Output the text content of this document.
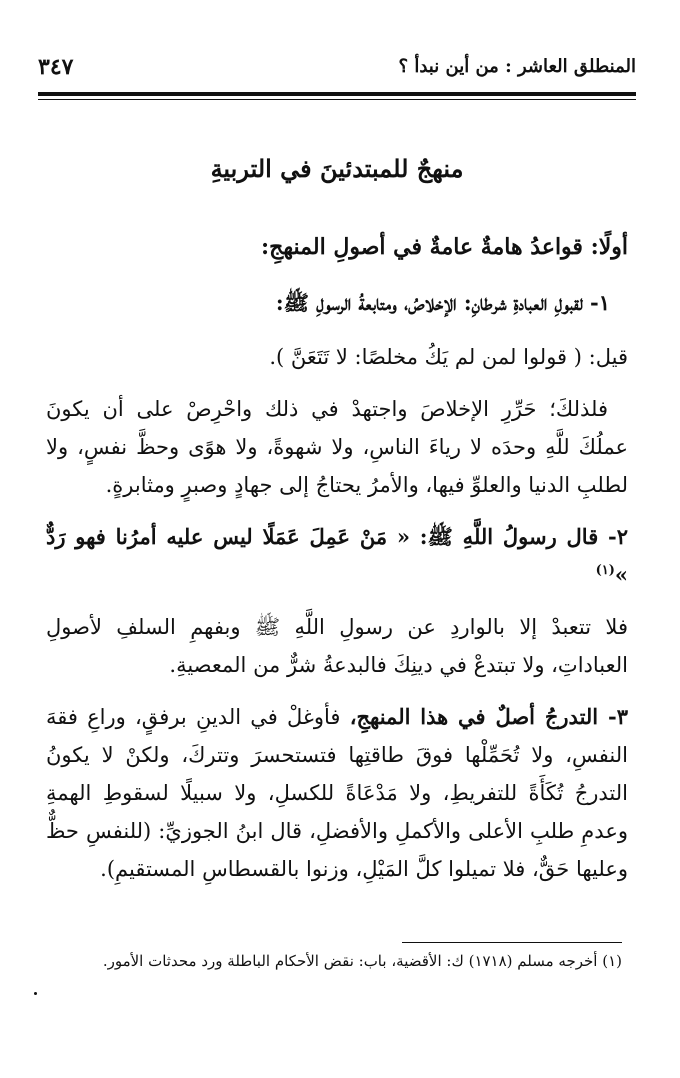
المنطلق العاشر : من أين نبدأ ؟
٣٤٧

منهجٌ للمبتدئينَ في التربيةِ

أولًا: قواعدُ هامةٌ عامةٌ في أصولِ المنهجِ:

١- لقبولِ العبادةِ شرطانِ: الإخلاصُ، ومتابعةُ الرسولِ ﷺ:

قيل: ( قولوا لمن لم يَكُ مخلصًا: لا تَتَعَنَّ ).

فلذلكَ؛ حَرِّرِ الإخلاصَ واجتهدْ في ذلك واحْرِصْ على أن يكونَ عملُكَ للَّهِ وحدَه لا رياءَ الناسِ، ولا شهوةً، ولا هوًى وحظَّ نفسٍ، ولا لطلبِ الدنيا والعلوِّ فيها، والأمرُ يحتاجُ إلى جهادٍ وصبرٍ ومثابرةٍ.

٢- قال رسولُ اللَّهِ ﷺ: « مَنْ عَمِلَ عَمَلًا ليس عليه أمرُنا فهو رَدٌّ »$^{(١)}$

فلا تتعبدْ إلا بالواردِ عن رسولِ اللَّهِ ﷺ وبفهمِ السلفِ لأصولِ العباداتِ، ولا تبتدعْ في دينِكَ فالبدعةُ شرٌّ من المعصيةِ.

٣- التدرجُ أصلٌ في هذا المنهجِ، فأوغلْ في الدينِ برفقٍ، وراعِ فقهَ النفسِ، ولا تُحَمِّلْها فوقَ طاقتِها فتستحسرَ وتتركَ، ولكنْ لا يكونُ التدرجُ تُكَأَةً للتفريطِ، ولا مَدْعَاةً للكسلِ، ولا سبيلًا لسقوطِ الهمةِ وعدمِ طلبِ الأعلى والأكملِ والأفضلِ، قال ابنُ الجوزيِّ: (للنفسِ حظٌّ وعليها حَقٌّ، فلا تميلوا كلَّ المَيْلِ، وزنوا بالقسطاسِ المستقيمِ).

(١) أخرجه مسلم (١٧١٨) ك: الأقضية، باب: نقض الأحكام الباطلة ورد محدثات الأمور.
